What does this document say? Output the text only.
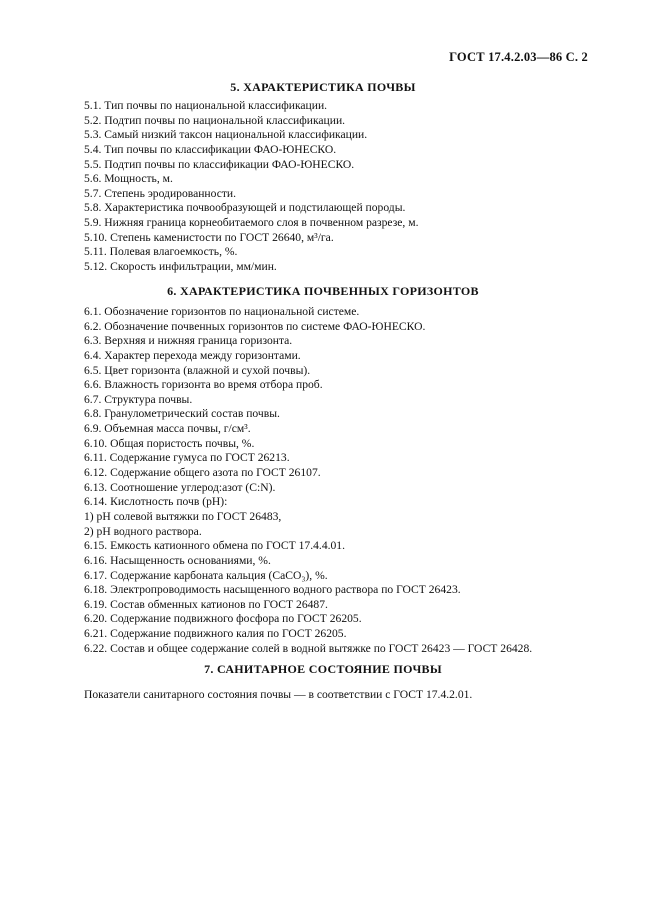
ГОСТ 17.4.2.03—86 С. 2
5. ХАРАКТЕРИСТИКА ПОЧВЫ
5.1. Тип почвы по национальной классификации.
5.2. Подтип почвы по национальной классификации.
5.3. Самый низкий таксон национальной классификации.
5.4. Тип почвы по классификации ФАО-ЮНЕСКО.
5.5. Подтип почвы по классификации ФАО-ЮНЕСКО.
5.6. Мощность, м.
5.7. Степень эродированности.
5.8. Характеристика почвообразующей и подстилающей породы.
5.9. Нижняя граница корнеобитаемого слоя в почвенном разрезе, м.
5.10. Степень каменистости по ГОСТ 26640, м³/га.
5.11. Полевая влагоемкость, %.
5.12. Скорость инфильтрации, мм/мин.
6. ХАРАКТЕРИСТИКА ПОЧВЕННЫХ ГОРИЗОНТОВ
6.1. Обозначение горизонтов по национальной системе.
6.2. Обозначение почвенных горизонтов по системе ФАО-ЮНЕСКО.
6.3. Верхняя и нижняя граница горизонта.
6.4. Характер перехода между горизонтами.
6.5. Цвет горизонта (влажной и сухой почвы).
6.6. Влажность горизонта во время отбора проб.
6.7. Структура почвы.
6.8. Гранулометрический состав почвы.
6.9. Объемная масса почвы, г/см³.
6.10. Общая пористость почвы, %.
6.11. Содержание гумуса по ГОСТ 26213.
6.12. Содержание общего азота по ГОСТ 26107.
6.13. Соотношение углерод:азот (C:N).
6.14. Кислотность почв (pH):
1) pH солевой вытяжки по ГОСТ 26483,
2) pH водного раствора.
6.15. Емкость катионного обмена по ГОСТ 17.4.4.01.
6.16. Насыщенность основаниями, %.
6.17. Содержание карбоната кальция (CaCO₃), %.
6.18. Электропроводимость насыщенного водного раствора по ГОСТ 26423.
6.19. Состав обменных катионов по ГОСТ 26487.
6.20. Содержание подвижного фосфора по ГОСТ 26205.
6.21. Содержание подвижного калия по ГОСТ 26205.
6.22. Состав и общее содержание солей в водной вытяжке по ГОСТ 26423 — ГОСТ 26428.
7. САНИТАРНОЕ СОСТОЯНИЕ ПОЧВЫ
Показатели санитарного состояния почвы — в соответствии с ГОСТ 17.4.2.01.
